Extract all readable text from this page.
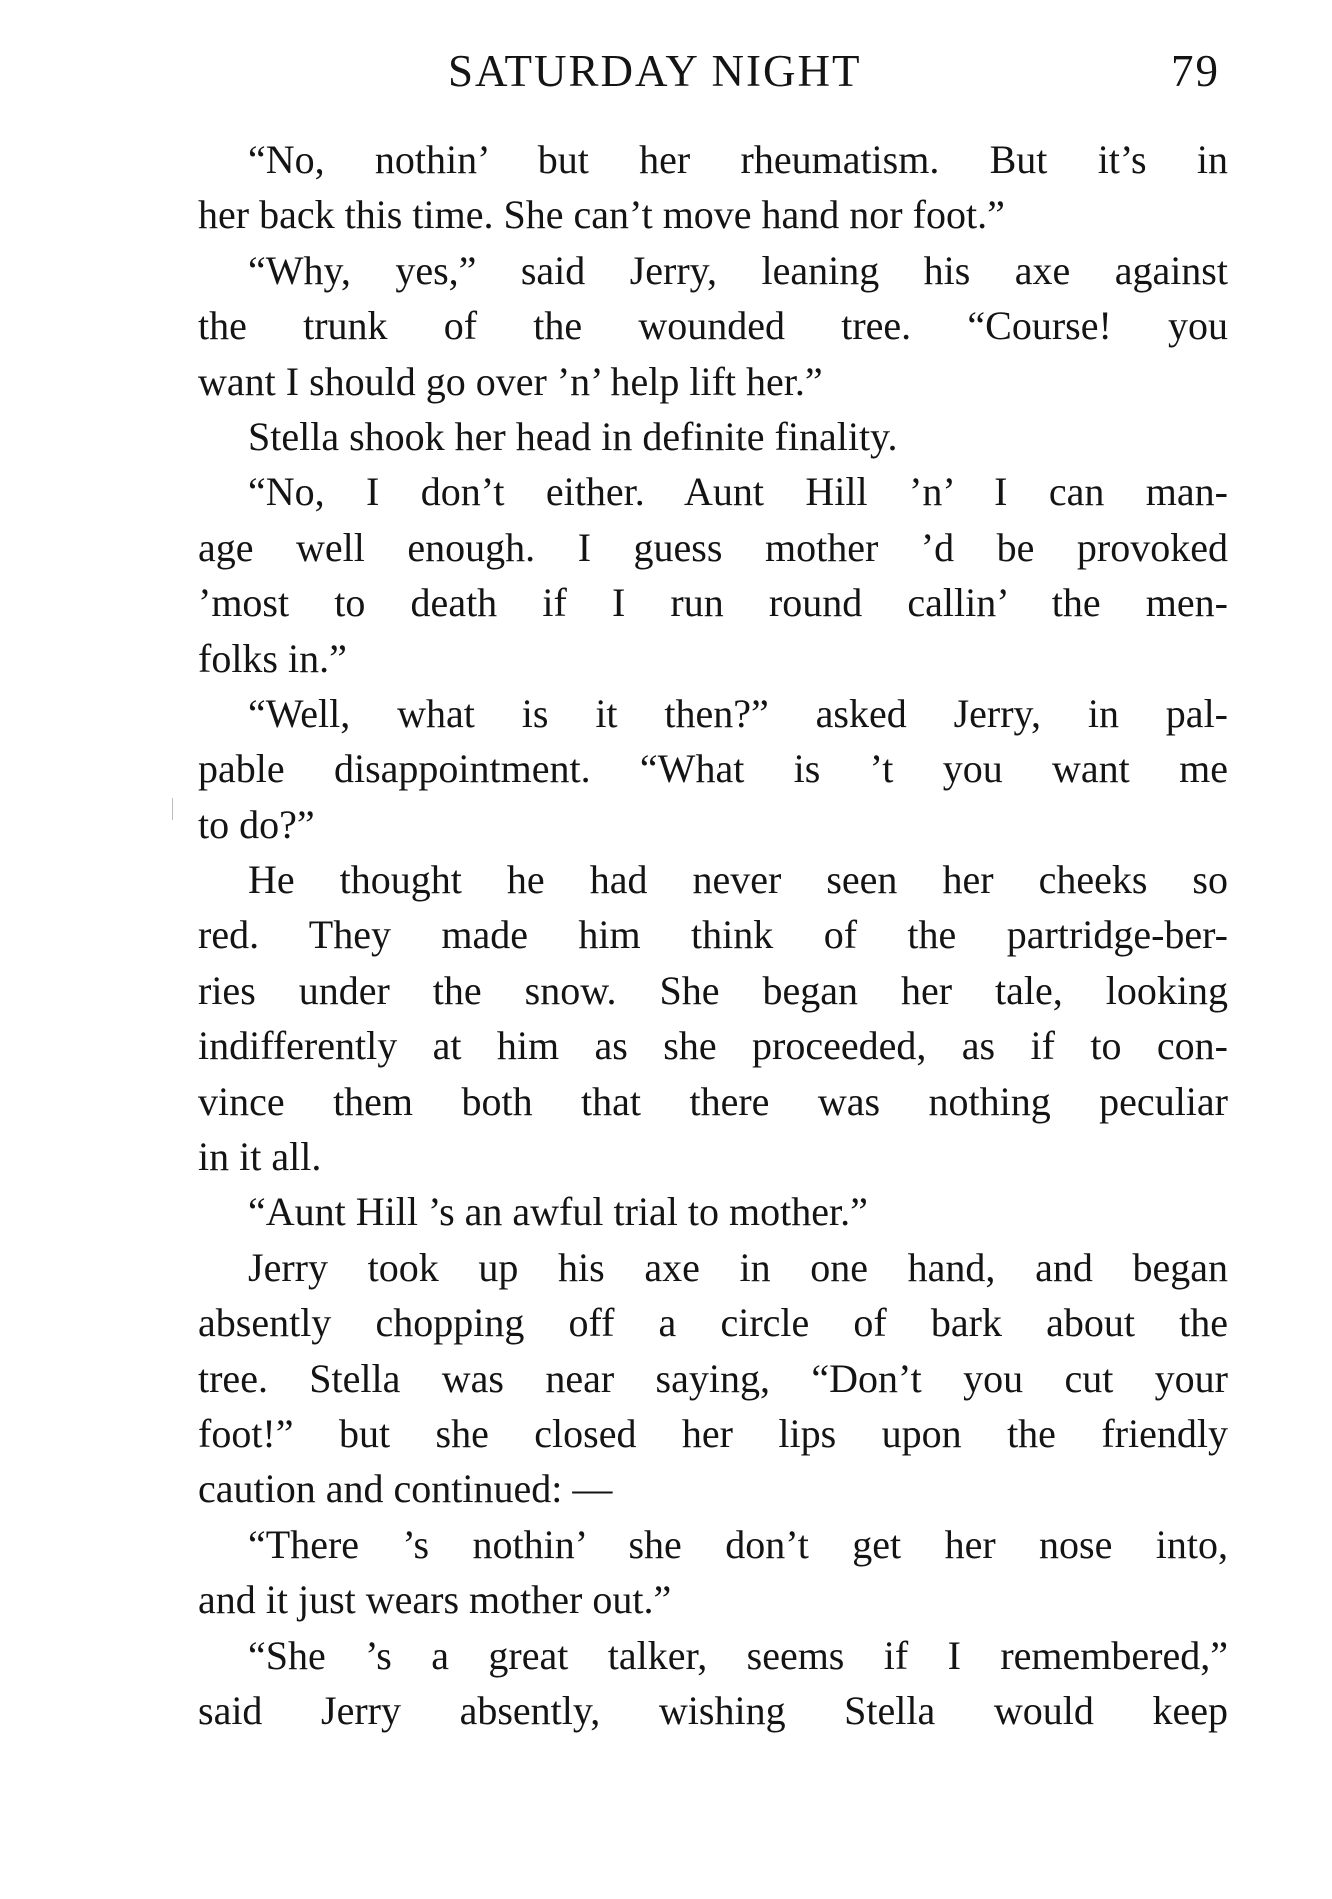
SATURDAY NIGHT	79
“No, nothin’ but her rheumatism. But it’s in
her back this time. She can’t move hand nor foot.”
“Why, yes,” said Jerry, leaning his axe against
the trunk of the wounded tree. “Course! you
want I should go over ’n’ help lift her.”
Stella shook her head in definite finality.
“No, I don’t either. Aunt Hill ’n’ I can man-
age well enough. I guess mother ’d be provoked
’most to death if I run round callin’ the men-
folks in.”
“Well, what is it then?” asked Jerry, in pal-
pable disappointment. “What is ’t you want me
to do?”
He thought he had never seen her cheeks so
red. They made him think of the partridge-ber-
ries under the snow. She began her tale, looking
indifferently at him as she proceeded, as if to con-
vince them both that there was nothing peculiar
in it all.
“Aunt Hill ’s an awful trial to mother.”
Jerry took up his axe in one hand, and began
absently chopping off a circle of bark about the
tree. Stella was near saying, “Don’t you cut your
foot!” but she closed her lips upon the friendly
caution and continued: —
“There ’s nothin’ she don’t get her nose into,
and it just wears mother out.”
“She ’s a great talker, seems if I remembered,”
said Jerry absently, wishing Stella would keep
